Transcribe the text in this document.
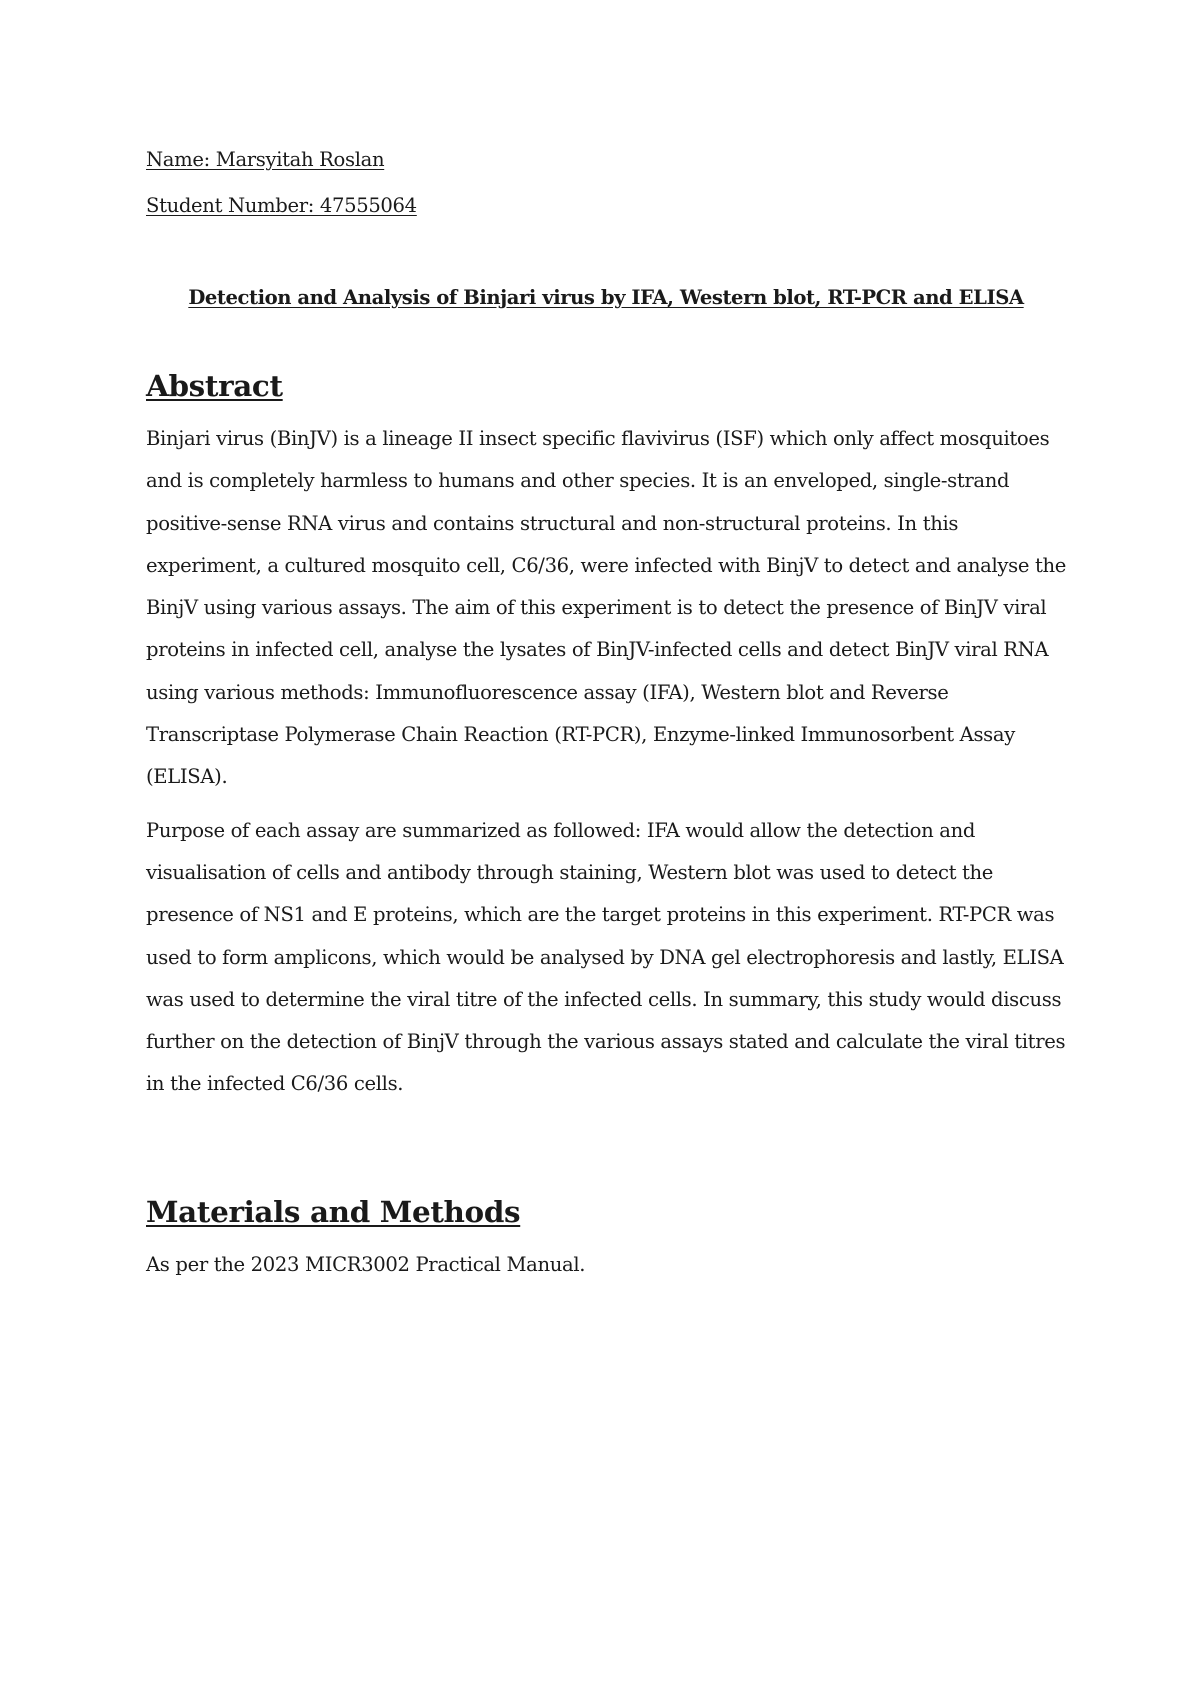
Name: Marsyitah Roslan

Student Number: 47555064

Detection and Analysis of Binjari virus by IFA, Western blot, RT-PCR and ELISA
Abstract

Binjari virus (BinJV) is a lineage II insect specific flavivirus (ISF) which only affect mosquitoes and is completely harmless to humans and other species. It is an enveloped, single-strand positive-sense RNA virus and contains structural and non-structural proteins. In this experiment, a cultured mosquito cell, C6/36, were infected with BinjV to detect and analyse the BinjV using various assays. The aim of this experiment is to detect the presence of BinJV viral proteins in infected cell, analyse the lysates of BinJV-infected cells and detect BinJV viral RNA using various methods: Immunofluorescence assay (IFA), Western blot and Reverse Transcriptase Polymerase Chain Reaction (RT-PCR), Enzyme-linked Immunosorbent Assay (ELISA).

Purpose of each assay are summarized as followed: IFA would allow the detection and visualisation of cells and antibody through staining, Western blot was used to detect the presence of NS1 and E proteins, which are the target proteins in this experiment. RT-PCR was used to form amplicons, which would be analysed by DNA gel electrophoresis and lastly, ELISA was used to determine the viral titre of the infected cells. In summary, this study would discuss further on the detection of BinjV through the various assays stated and calculate the viral titres in the infected C6/36 cells.

Materials and Methods

As per the 2023 MICR3002 Practical Manual.
